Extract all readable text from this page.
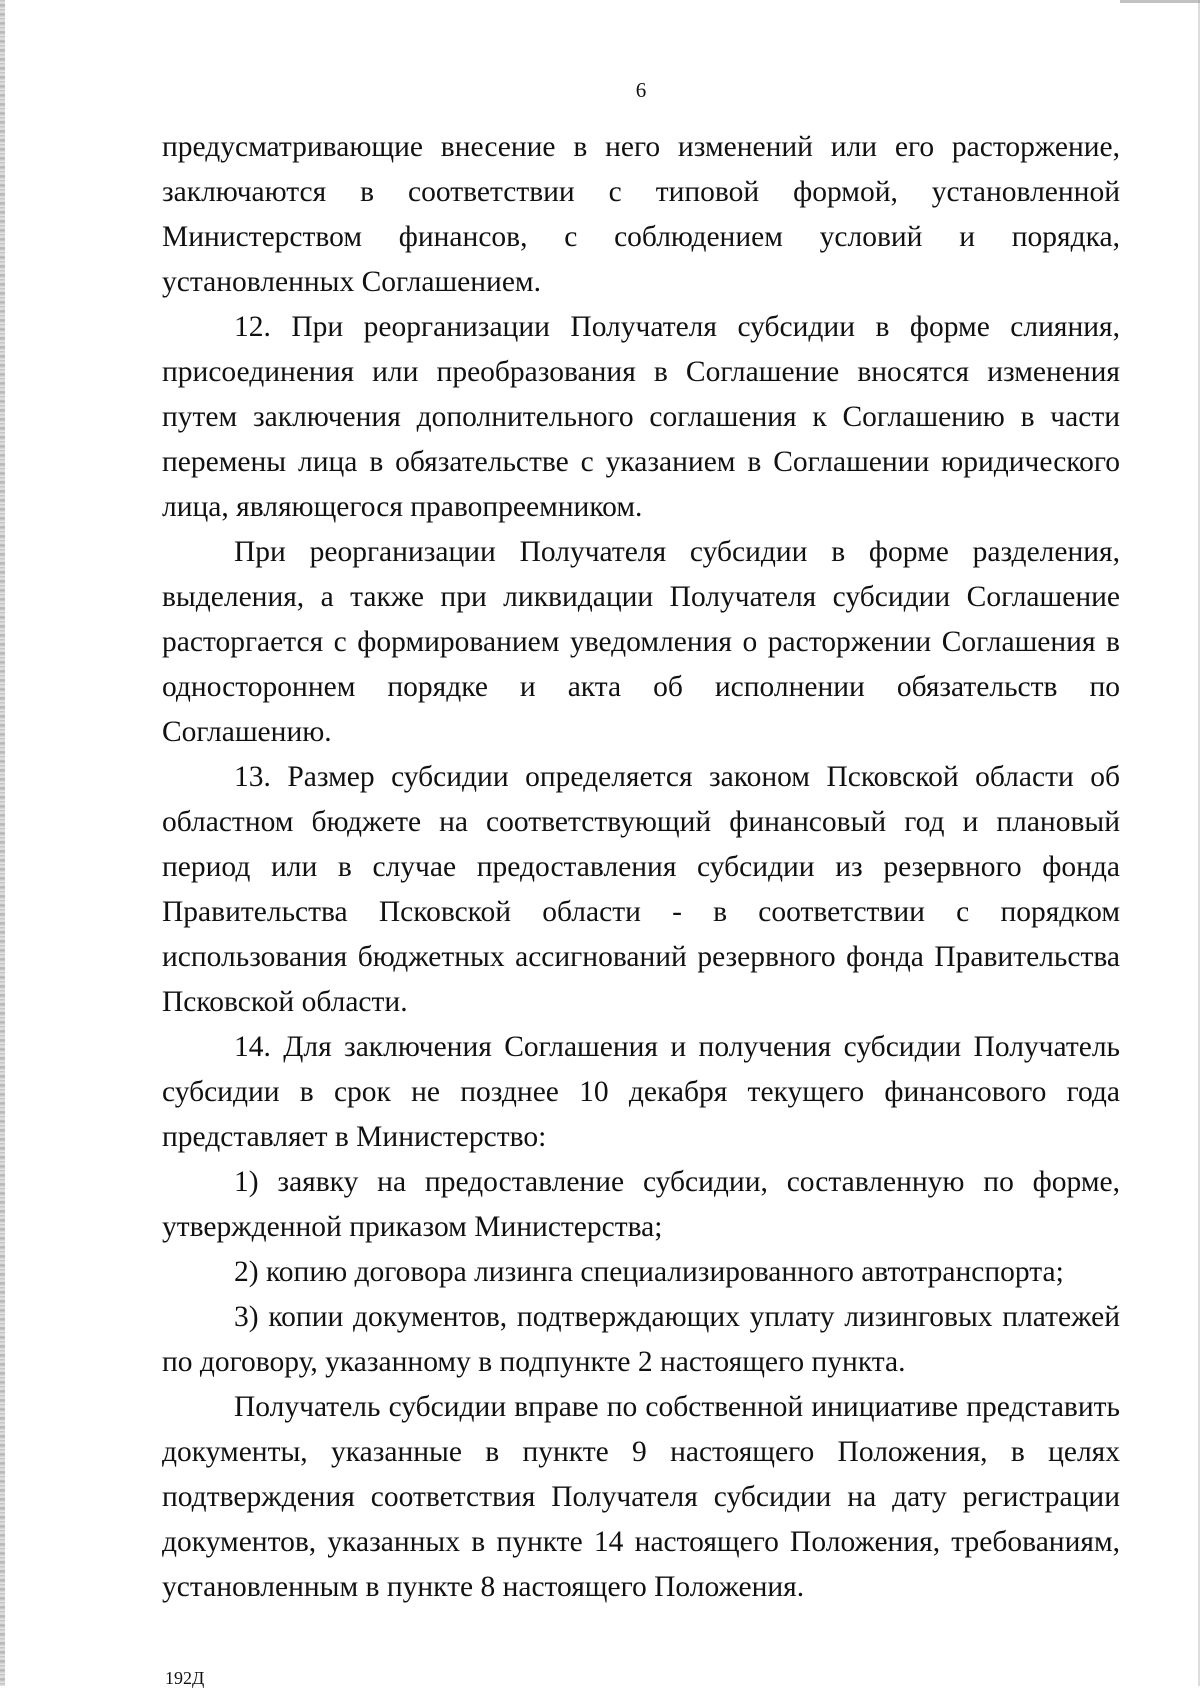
6

предусматривающие внесение в него изменений или его расторжение, заключаются в соответствии с типовой формой, установленной Министерством финансов, с соблюдением условий и порядка, установленных Соглашением.

12. При реорганизации Получателя субсидии в форме слияния, присоединения или преобразования в Соглашение вносятся изменения путем заключения дополнительного соглашения к Соглашению в части перемены лица в обязательстве с указанием в Соглашении юридического лица, являющегося правопреемником.

При реорганизации Получателя субсидии в форме разделения, выделения, а также при ликвидации Получателя субсидии Соглашение расторгается с формированием уведомления о расторжении Соглашения в одностороннем порядке и акта об исполнении обязательств по Соглашению.

13. Размер субсидии определяется законом Псковской области об областном бюджете на соответствующий финансовый год и плановый период или в случае предоставления субсидии из резервного фонда Правительства Псковской области - в соответствии с порядком использования бюджетных ассигнований резервного фонда Правительства Псковской области.

14. Для заключения Соглашения и получения субсидии Получатель субсидии в срок не позднее 10 декабря текущего финансового года представляет в Министерство:

1) заявку на предоставление субсидии, составленную по форме, утвержденной приказом Министерства;

2) копию договора лизинга специализированного автотранспорта;

3) копии документов, подтверждающих уплату лизинговых платежей по договору, указанному в подпункте 2 настоящего пункта.

Получатель субсидии вправе по собственной инициативе представить документы, указанные в пункте 9 настоящего Положения, в целях подтверждения соответствия Получателя субсидии на дату регистрации документов, указанных в пункте 14 настоящего Положения, требованиям, установленным в пункте 8 настоящего Положения.

192Д
